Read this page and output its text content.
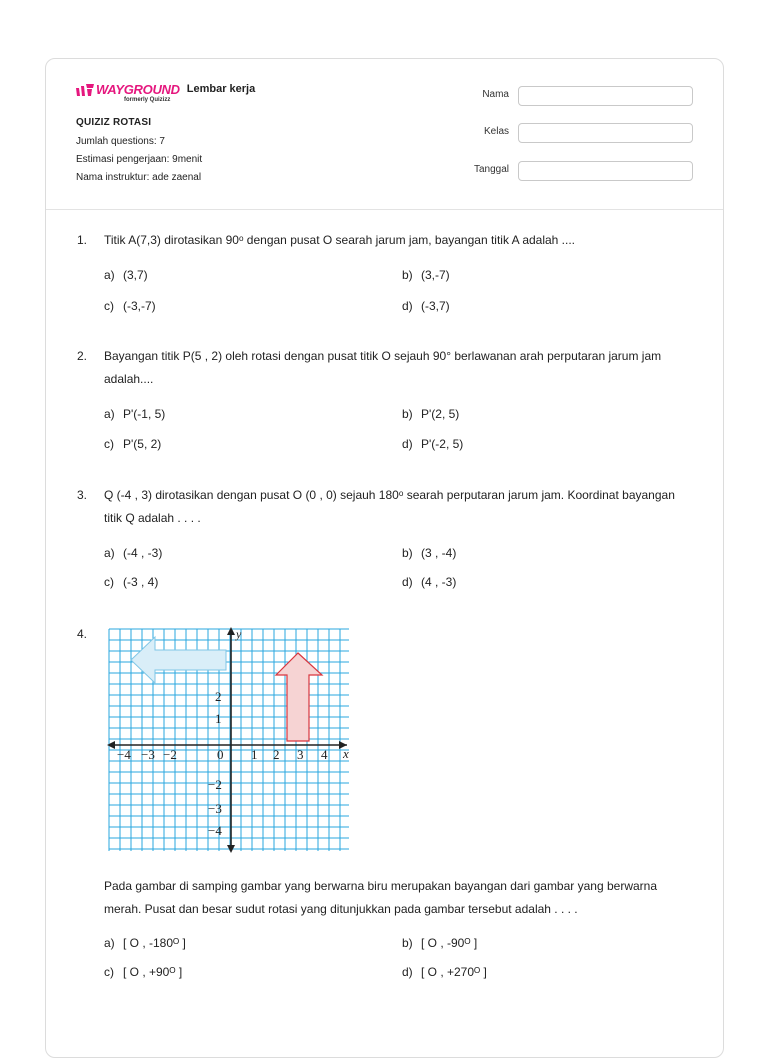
WAYGROUND
formerly Quizizz
Lembar kerja
QUIZIZ ROTASI
Jumlah questions: 7
Estimasi pengerjaan: 9menit
Nama instruktur: ade zaenal
Nama
Kelas
Tanggal
1. Titik A(7,3) dirotasikan 90ᵒ dengan pusat O searah jarum jam, bayangan titik A adalah ....
a) (3,7)	b) (3,-7)
c) (-3,-7)	d) (-3,7)
2. Bayangan titik P(5 , 2) oleh rotasi dengan pusat titik O sejauh 90° berlawanan arah perputaran jarum jam adalah....
a) P'(-1, 5)	b) P'(2, 5)
c) P'(5, 2)	d) P'(-2, 5)
3. Q (-4 , 3) dirotasikan dengan pusat O (0 , 0) sejauh 180ᵒ searah perputaran jarum jam. Koordinat bayangan titik Q adalah . . . .
a) (-4 , -3)	b) (3 , -4)
c) (-3 , 4)	d) (4 , -3)
4.
−4 −3 −2	0 1 2 3 4
2
1
−2
−3
−4
x
y
Pada gambar di samping gambar yang berwarna biru merupakan bayangan dari gambar yang berwarna merah. Pusat dan besar sudut rotasi yang ditunjukkan pada gambar tersebut adalah . . . .
a) [ O , -180ᴼ ]	b) [ O , -90ᴼ ]
c) [ O , +90ᴼ ]	d) [ O , +270ᴼ ]
